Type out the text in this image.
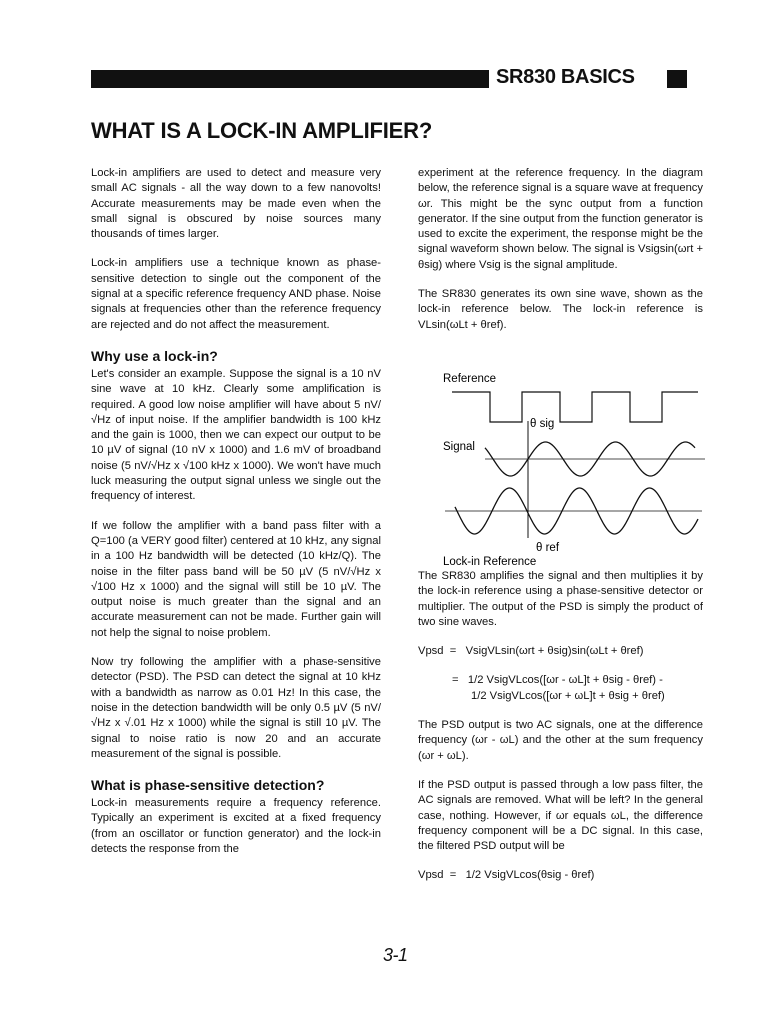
SR830 BASICS
WHAT IS A LOCK-IN AMPLIFIER?

Lock-in amplifiers are used to detect and measure very small AC signals - all the way down to a few nanovolts! Accurate measurements may be made even when the small signal is obscured by noise sources many thousands of times larger.

Lock-in amplifiers use a technique known as phase-sensitive detection to single out the component of the signal at a specific reference frequency AND phase. Noise signals at frequencies other than the reference frequency are rejected and do not affect the measurement.

Why use a lock-in?

Let's consider an example. Suppose the signal is a 10 nV sine wave at 10 kHz. Clearly some amplification is required. A good low noise amplifier will have about 5 nV/√Hz of input noise. If the amplifier bandwidth is 100 kHz and the gain is 1000, then we can expect our output to be 10 µV of signal (10 nV x 1000) and 1.6 mV of broadband noise (5 nV/√Hz x √100 kHz x 1000). We won't have much luck measuring the output signal unless we single out the frequency of interest.

If we follow the amplifier with a band pass filter with a Q=100 (a VERY good filter) centered at 10 kHz, any signal in a 100 Hz bandwidth will be detected (10 kHz/Q). The noise in the filter pass band will be 50 µV (5 nV/√Hz x √100 Hz x 1000) and the signal will still be 10 µV. The output noise is much greater than the signal and an accurate measurement can not be made. Further gain will not help the signal to noise problem.

Now try following the amplifier with a phase-sensitive detector (PSD). The PSD can detect the signal at 10 kHz with a bandwidth as narrow as 0.01 Hz! In this case, the noise in the detection bandwidth will be only 0.5 µV (5 nV/√Hz x √.01 Hz x 1000) while the signal is still 10 µV. The signal to noise ratio is now 20 and an accurate measurement of the signal is possible.

What is phase-sensitive detection?

Lock-in measurements require a frequency reference. Typically an experiment is excited at a fixed frequency (from an oscillator or function generator) and the lock-in detects the response from the

experiment at the reference frequency. In the diagram below, the reference signal is a square wave at frequency ωr. This might be the sync output from a function generator. If the sine output from the function generator is used to excite the experiment, the response might be the signal waveform shown below. The signal is Vsigsin(ωrt + θsig) where Vsig is the signal amplitude.

The SR830 generates its own sine wave, shown as the lock-in reference below. The lock-in reference is VLsin(ωLt + θref).

The SR830 amplifies the signal and then multiplies it by the lock-in reference using a phase-sensitive detector or multiplier. The output of the PSD is simply the product of two sine waves.

Vpsd  =   VsigVLsin(ωrt + θsig)sin(ωLt + θref)
=   1/2 VsigVLcos([ωr - ωL]t + θsig - θref) -
1/2 VsigVLcos([ωr + ωL]t + θsig + θref)

The PSD output is two AC signals, one at the difference frequency (ωr - ωL) and the other at the sum frequency (ωr + ωL).

If the PSD output is passed through a low pass filter, the AC signals are removed. What will be left? In the general case, nothing. However, if ωr equals ωL, the difference frequency component will be a DC signal. In this case, the filtered PSD output will be

Vpsd  =   1/2 VsigVLcos(θsig - θref)
Reference
θ sig
Signal
θ ref
Lock-in Reference
3-1
